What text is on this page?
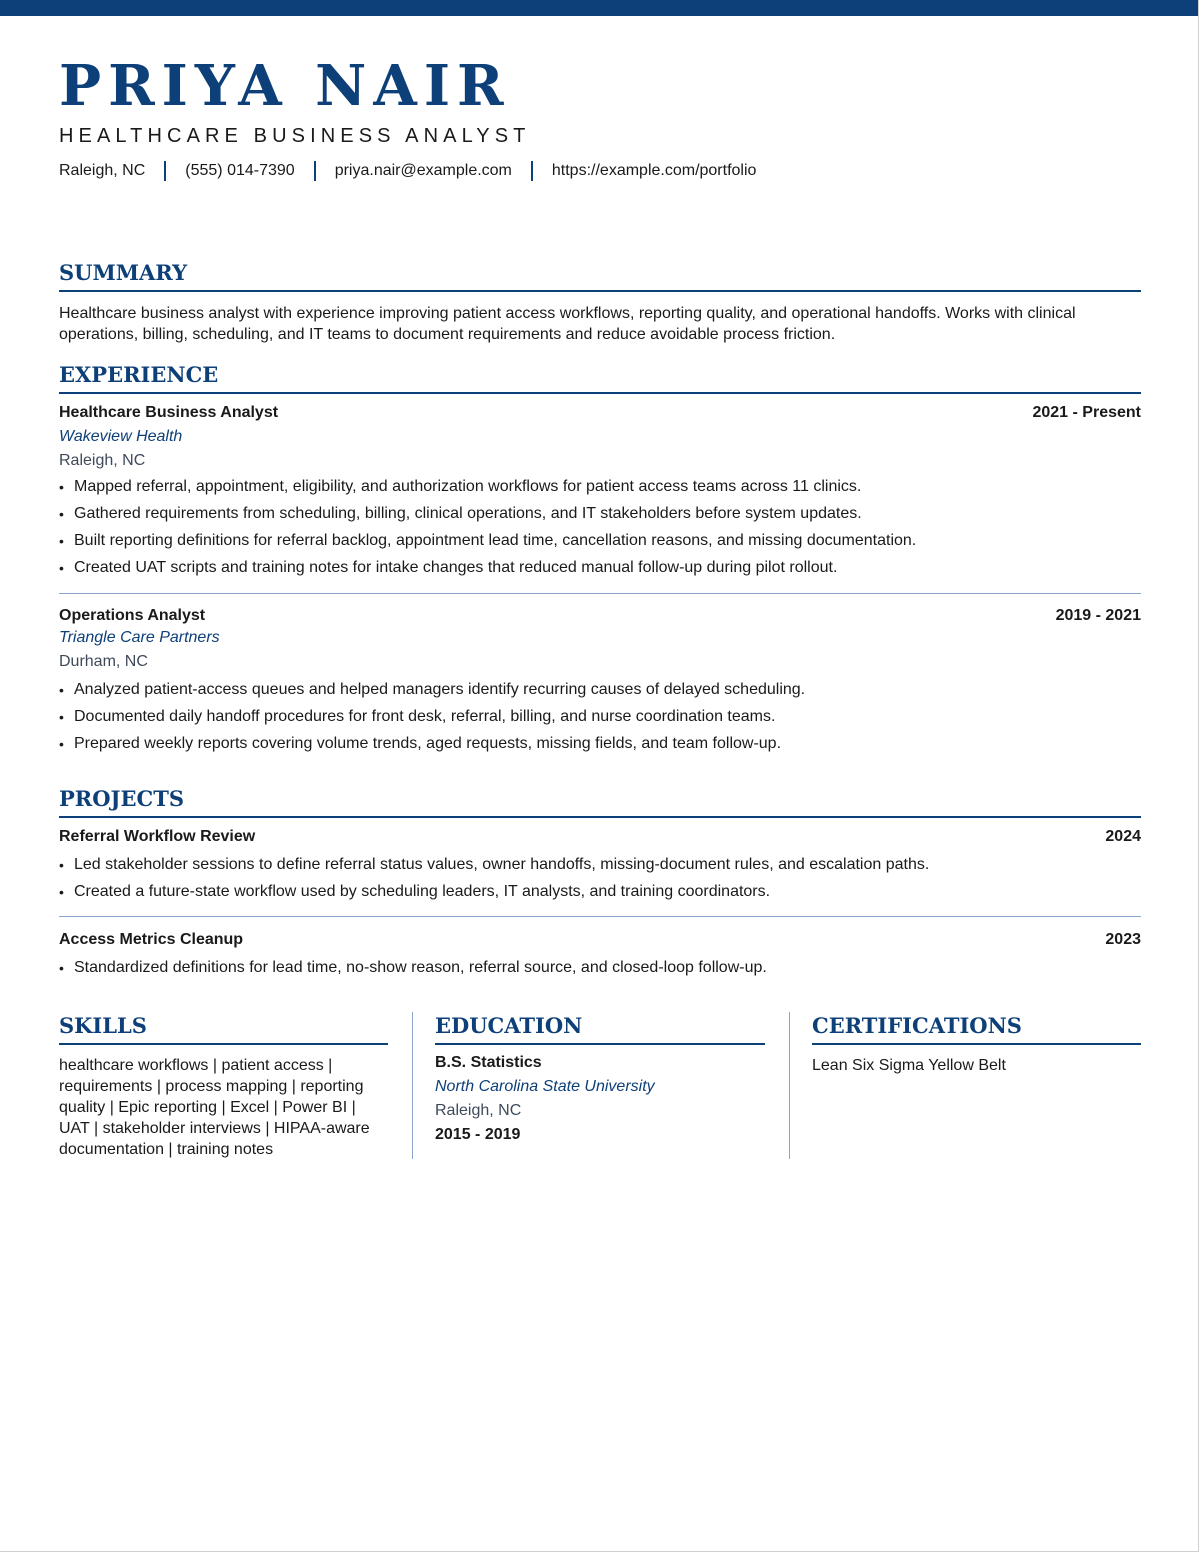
PRIYA NAIR
HEALTHCARE BUSINESS ANALYST
Raleigh, NC	(555) 014-7390	priya.nair@example.com	https://example.com/portfolio
SUMMARY
Healthcare business analyst with experience improving patient access workflows, reporting quality, and operational handoffs. Works with clinical operations, billing, scheduling, and IT teams to document requirements and reduce avoidable process friction.
EXPERIENCE
Healthcare Business Analyst	2021 - Present
Wakeview Health
Raleigh, NC
• Mapped referral, appointment, eligibility, and authorization workflows for patient access teams across 11 clinics.
• Gathered requirements from scheduling, billing, clinical operations, and IT stakeholders before system updates.
• Built reporting definitions for referral backlog, appointment lead time, cancellation reasons, and missing documentation.
• Created UAT scripts and training notes for intake changes that reduced manual follow-up during pilot rollout.
Operations Analyst	2019 - 2021
Triangle Care Partners
Durham, NC
• Analyzed patient-access queues and helped managers identify recurring causes of delayed scheduling.
• Documented daily handoff procedures for front desk, referral, billing, and nurse coordination teams.
• Prepared weekly reports covering volume trends, aged requests, missing fields, and team follow-up.
PROJECTS
Referral Workflow Review	2024
• Led stakeholder sessions to define referral status values, owner handoffs, missing-document rules, and escalation paths.
• Created a future-state workflow used by scheduling leaders, IT analysts, and training coordinators.
Access Metrics Cleanup	2023
• Standardized definitions for lead time, no-show reason, referral source, and closed-loop follow-up.
SKILLS
healthcare workflows | patient access | requirements | process mapping | reporting quality | Epic reporting | Excel | Power BI | UAT | stakeholder interviews | HIPAA-aware documentation | training notes
EDUCATION
B.S. Statistics
North Carolina State University
Raleigh, NC
2015 - 2019
CERTIFICATIONS
Lean Six Sigma Yellow Belt
